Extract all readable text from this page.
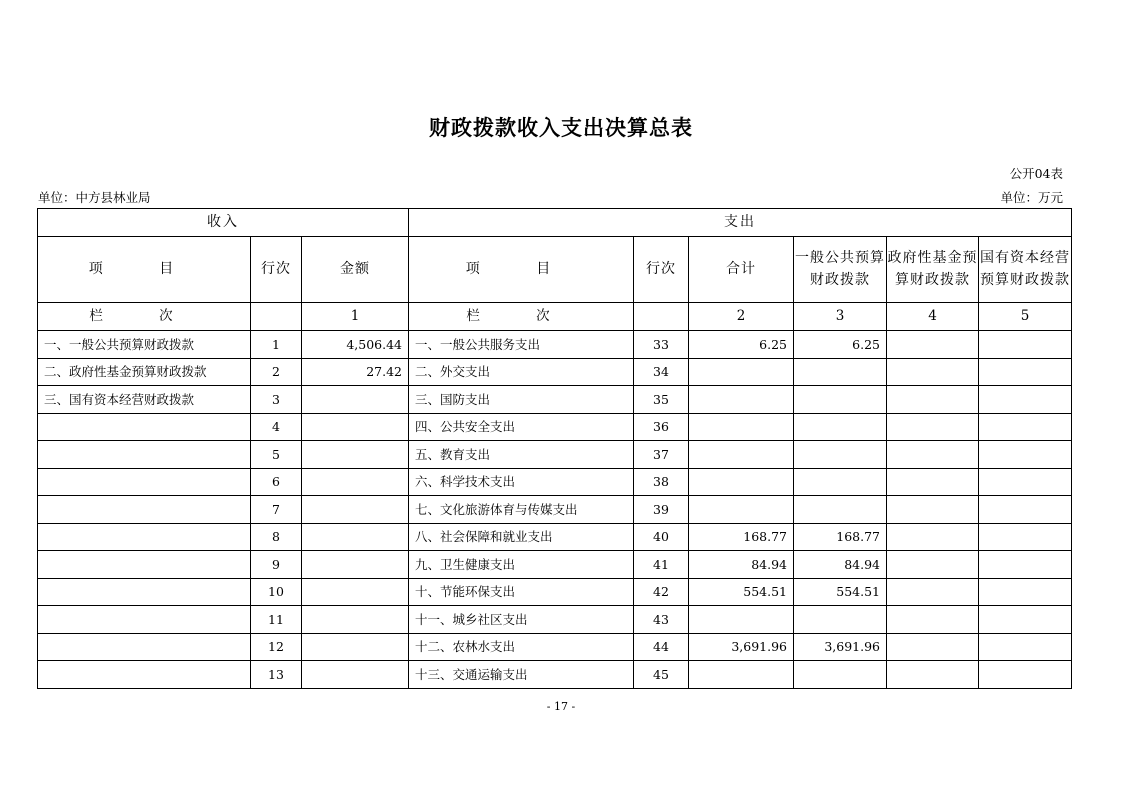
财政拨款收入支出决算总表
公开04表
单位：中方县林业局	单位：万元
收入			支出					
项 目	行次	金额	项 目	行次	合计	一般公共预算财政拨款	政府性基金预算财政拨款	国有资本经营预算财政拨款
栏 次		1	栏 次		2	3	4	5
一、一般公共预算财政拨款	1	4,506.44	一、一般公共服务支出	33	6.25	6.25		
二、政府性基金预算财政拨款	2	27.42	二、外交支出	34				
三、国有资本经营财政拨款	3		三、国防支出	35				
	4		四、公共安全支出	36				
	5		五、教育支出	37				
	6		六、科学技术支出	38				
	7		七、文化旅游体育与传媒支出	39				
	8		八、社会保障和就业支出	40	168.77	168.77		
	9		九、卫生健康支出	41	84.94	84.94		
	10		十、节能环保支出	42	554.51	554.51		
	11		十一、城乡社区支出	43				
	12		十二、农林水支出	44	3,691.96	3,691.96		
	13		十三、交通运输支出	45				
- 17 -
